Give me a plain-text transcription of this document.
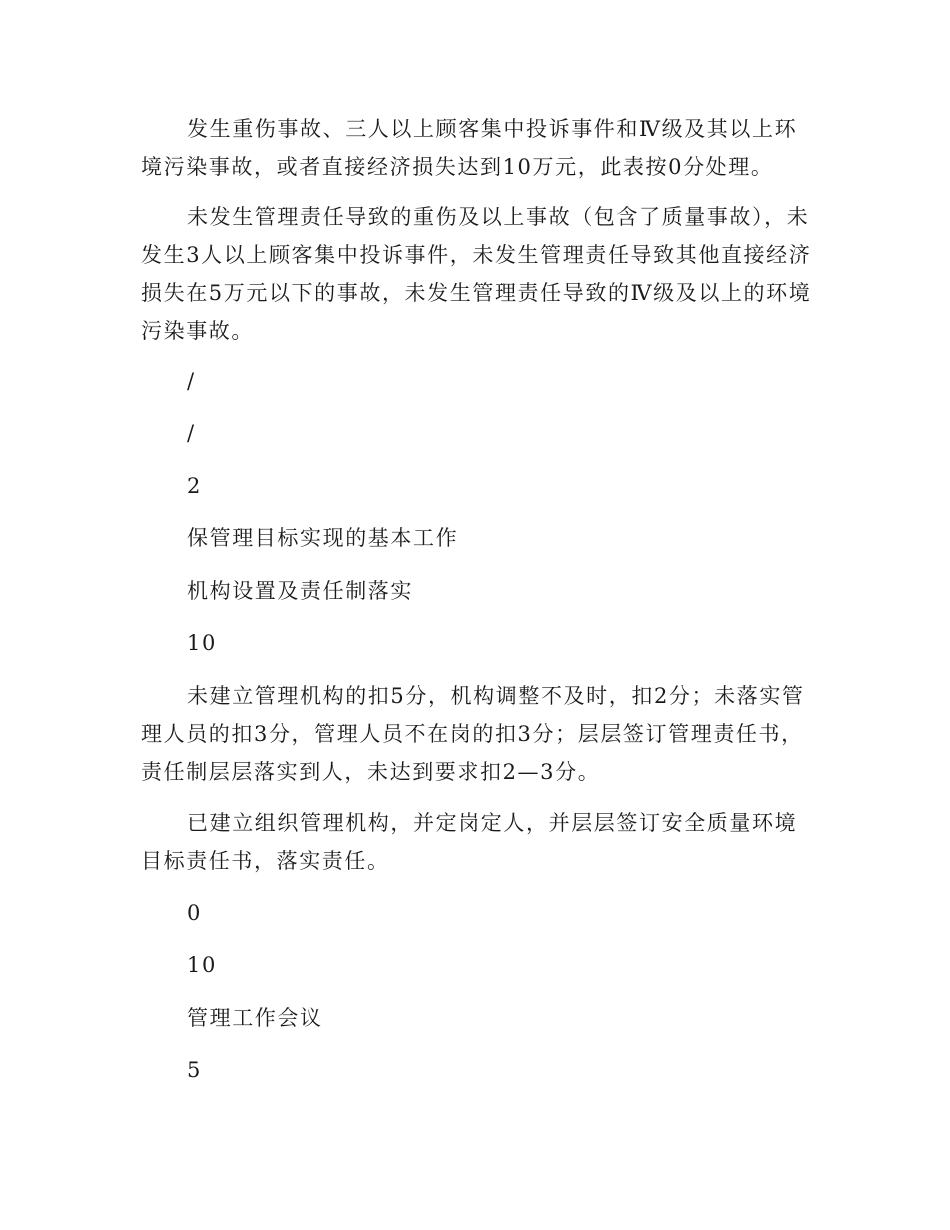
发生重伤事故、三人以上顾客集中投诉事件和Ⅳ级及其以上环境污染事故，或者直接经济损失达到10万元，此表按0分处理。

未发生管理责任导致的重伤及以上事故（包含了质量事故），未发生3人以上顾客集中投诉事件，未发生管理责任导致其他直接经济损失在5万元以下的事故，未发生管理责任导致的Ⅳ级及以上的环境污染事故。

/

/

2

保管理目标实现的基本工作

机构设置及责任制落实

10

未建立管理机构的扣5分，机构调整不及时，扣2分；未落实管理人员的扣3分，管理人员不在岗的扣3分；层层签订管理责任书，责任制层层落实到人，未达到要求扣2—3分。

已建立组织管理机构，并定岗定人，并层层签订安全质量环境目标责任书，落实责任。

0

10

管理工作会议

5
